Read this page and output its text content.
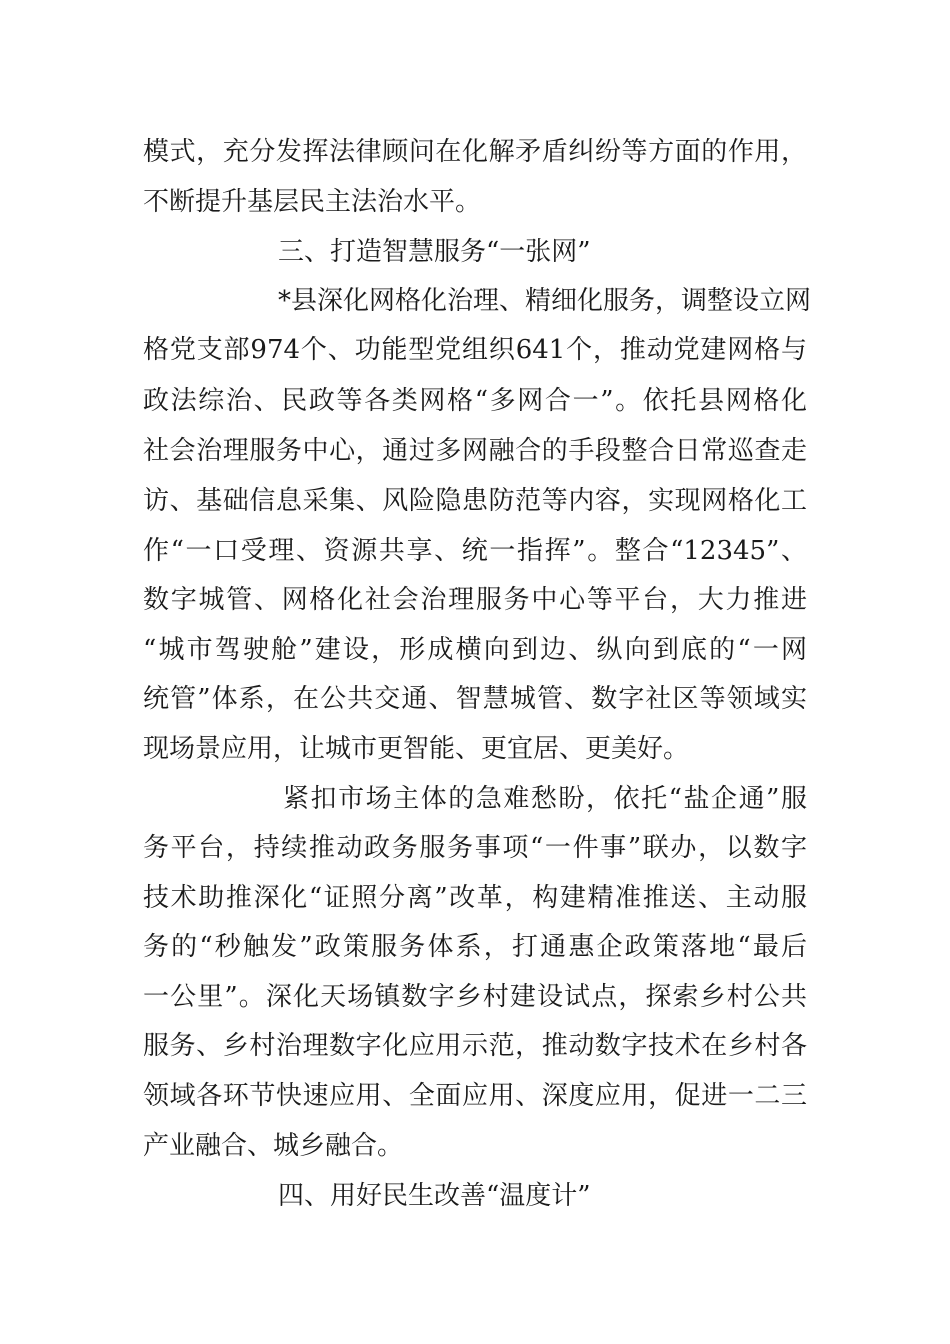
模式，充分发挥法律顾问在化解矛盾纠纷等方面的作用，
不断提升基层民主法治水平。
三、打造智慧服务“一张网”
*县深化网格化治理、精细化服务，调整设立网
格党支部974个、功能型党组织641个，推动党建网格与
政法综治、民政等各类网格“多网合一”。依托县网格化
社会治理服务中心，通过多网融合的手段整合日常巡查走
访、基础信息采集、风险隐患防范等内容，实现网格化工
作“一口受理、资源共享、统一指挥”。整合“12345”、
数字城管、网格化社会治理服务中心等平台，大力推进
“城市驾驶舱”建设，形成横向到边、纵向到底的“一网
统管”体系，在公共交通、智慧城管、数字社区等领域实
现场景应用，让城市更智能、更宜居、更美好。
紧扣市场主体的急难愁盼，依托“盐企通”服
务平台，持续推动政务服务事项“一件事”联办，以数字
技术助推深化“证照分离”改革，构建精准推送、主动服
务的“秒触发”政策服务体系，打通惠企政策落地“最后
一公里”。深化天场镇数字乡村建设试点，探索乡村公共
服务、乡村治理数字化应用示范，推动数字技术在乡村各
领域各环节快速应用、全面应用、深度应用，促进一二三
产业融合、城乡融合。
四、用好民生改善“温度计”
